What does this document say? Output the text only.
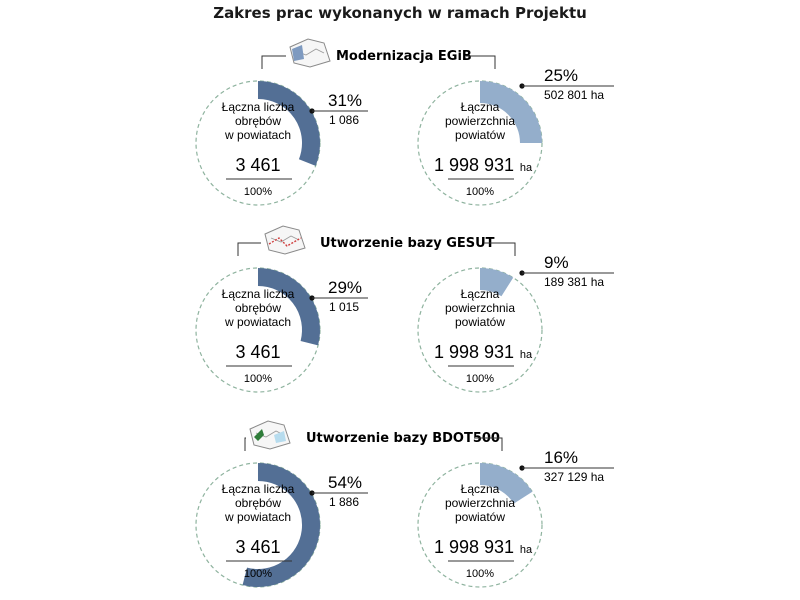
Zakres prac wykonanych w ramach Projektu
Modernizacja EGiB
31%
1 086
Łączna liczba
obrębów
w powiatach
3 461
100%
25%
502 801 ha
Łączna
powierzchnia
powiatów
1 998 931 ha
100%
Utworzenie bazy GESUT
29%
1 015
Łączna liczba
obrębów
w powiatach
3 461
100%
9%
189 381 ha
Łączna
powierzchnia
powiatów
1 998 931 ha
100%
Utworzenie bazy BDOT500
54%
1 886
Łączna liczba
obrębów
w powiatach
3 461
100%
16%
327 129 ha
Łączna
powierzchnia
powiatów
1 998 931 ha
100%
